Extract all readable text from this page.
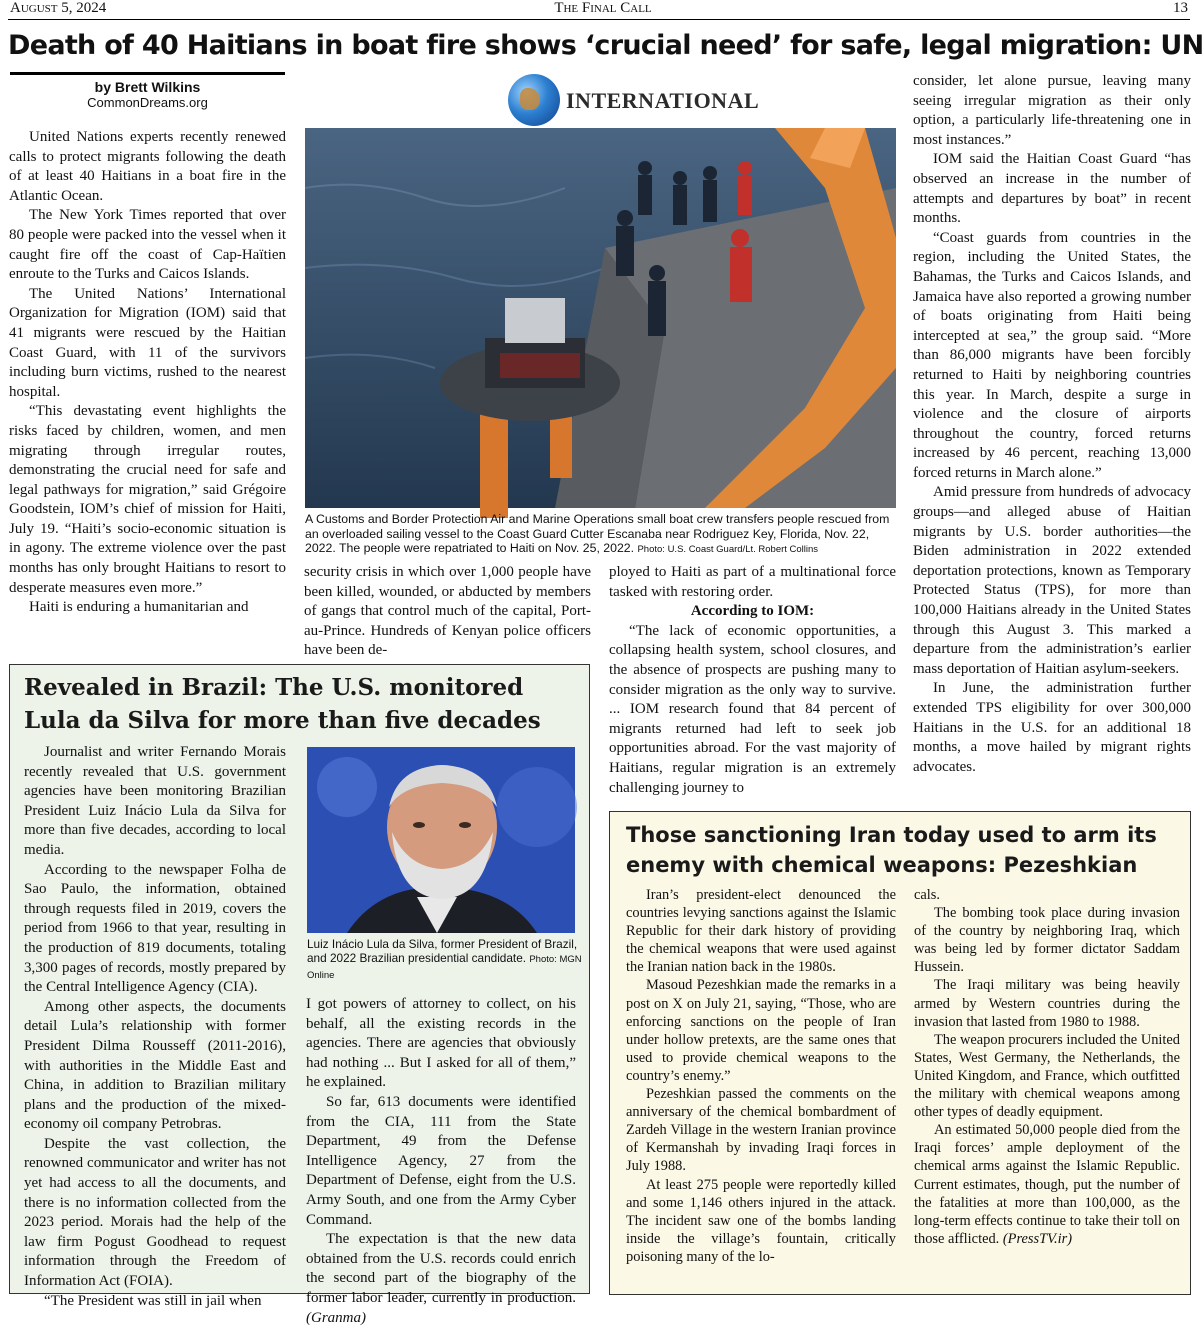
August 5, 2024	The Final Call	13
Death of 40 Haitians in boat fire shows ‘crucial need’ for safe, legal migration: UN
by Brett Wilkins
CommonDreams.org

United Nations experts recently renewed calls to protect migrants following the death of at least 40 Haitians in a boat fire in the Atlantic Ocean.

The New York Times reported that over 80 people were packed into the vessel when it caught fire off the coast of Cap-Haïtien enroute to the Turks and Caicos Islands.

The United Nations’ International Organization for Migration (IOM) said that 41 migrants were rescued by the Haitian Coast Guard, with 11 of the survivors including burn victims, rushed to the nearest hospital.

“This devastating event highlights the risks faced by children, women, and men migrating through irregular routes, demonstrating the crucial need for safe and legal pathways for migration,” said Grégoire Goodstein, IOM’s chief of mission for Haiti, July 19. “Haiti’s socio-economic situation is in agony. The extreme violence over the past months has only brought Haitians to resort to desperate measures even more.”

Haiti is enduring a humanitarian and

INTERNATIONAL
A Customs and Border Protection Air and Marine Operations small boat crew transfers people rescued from an overloaded sailing vessel to the Coast Guard Cutter Escanaba near Rodriguez Key, Florida, Nov. 22, 2022. The people were repatriated to Haiti on Nov. 25, 2022. Photo: U.S. Coast Guard/Lt. Robert Collins

security crisis in which over 1,000 people have been killed, wounded, or abducted by members of gangs that control much of the capital, Port-au-Prince. Hundreds of Kenyan police officers have been de-

ployed to Haiti as part of a multinational force tasked with restoring order.

According to IOM:

“The lack of economic opportunities, a collapsing health system, school closures, and the absence of prospects are pushing many to consider migration as the only way to survive. ... IOM research found that 84 percent of migrants returned had left to seek job opportunities abroad. For the vast majority of Haitians, regular migration is an extremely challenging journey to

consider, let alone pursue, leaving many seeing irregular migration as their only option, a particularly life-threatening one in most instances.”

IOM said the Haitian Coast Guard “has observed an increase in the number of attempts and departures by boat” in recent months.

“Coast guards from countries in the region, including the United States, the Bahamas, the Turks and Caicos Islands, and Jamaica have also reported a growing number of boats originating from Haiti being intercepted at sea,” the group said. “More than 86,000 migrants have been forcibly returned to Haiti by neighboring countries this year. In March, despite a surge in violence and the closure of airports throughout the country, forced returns increased by 46 percent, reaching 13,000 forced returns in March alone.”

Amid pressure from hundreds of advocacy groups—and alleged abuse of Haitian migrants by U.S. border authorities—the Biden administration in 2022 extended deportation protections, known as Temporary Protected Status (TPS), for more than 100,000 Haitians already in the United States through this August 3. This marked a departure from the administration’s earlier mass deportation of Haitian asylum-seekers.

In June, the administration further extended TPS eligibility for over 300,000 Haitians in the U.S. for an additional 18 months, a move hailed by migrant rights advocates.

Revealed in Brazil: The U.S. monitored Lula da Silva for more than five decades

Journalist and writer Fernando Morais recently revealed that U.S. government agencies have been monitoring Brazilian President Luiz Inácio Lula da Silva for more than five decades, according to local media.

According to the newspaper Folha de Sao Paulo, the information, obtained through requests filed in 2019, covers the period from 1966 to that year, resulting in the production of 819 documents, totaling 3,300 pages of records, mostly prepared by the Central Intelligence Agency (CIA).

Among other aspects, the documents detail Lula’s relationship with former President Dilma Rousseff (2011-2016), with authorities in the Middle East and China, in addition to Brazilian military plans and the production of the mixed-economy oil company Petrobras.

Despite the vast collection, the renowned communicator and writer has not yet had access to all the documents, and there is no information collected from the 2023 period. Morais had the help of the law firm Pogust Goodhead to request information through the Freedom of Information Act (FOIA).

“The President was still in jail when

Luiz Inácio Lula da Silva, former President of Brazil, and 2022 Brazilian presidential candidate. Photo: MGN Online

I got powers of attorney to collect, on his behalf, all the existing records in the agencies. There are agencies that obviously had nothing ... But I asked for all of them,” he explained.

So far, 613 documents were identified from the CIA, 111 from the State Department, 49 from the Defense Intelligence Agency, 27 from the Department of Defense, eight from the U.S. Army South, and one from the Army Cyber Command.

The expectation is that the new data obtained from the U.S. records could enrich the second part of the biography of the former labor leader, currently in production. (Granma)

Those sanctioning Iran today used to arm its enemy with chemical weapons: Pezeshkian

Iran’s president-elect denounced the countries levying sanctions against the Islamic Republic for their dark history of providing the chemical weapons that were used against the Iranian nation back in the 1980s.

Masoud Pezeshkian made the remarks in a post on X on July 21, saying, “Those, who are enforcing sanctions on the people of Iran under hollow pretexts, are the same ones that used to provide chemical weapons to the country’s enemy.”

Pezeshkian passed the comments on the anniversary of the chemical bombardment of Zardeh Village in the western Iranian province of Kermanshah by invading Iraqi forces in July 1988.

At least 275 people were reportedly killed and some 1,146 others injured in the attack. The incident saw one of the bombs landing inside the village’s fountain, critically poisoning many of the lo-

cals.

The bombing took place during invasion of the country by neighboring Iraq, which was being led by former dictator Saddam Hussein.

The Iraqi military was being heavily armed by Western countries during the invasion that lasted from 1980 to 1988.

The weapon procurers included the United States, West Germany, the Netherlands, the United Kingdom, and France, which outfitted the military with chemical weapons among other types of deadly equipment.

An estimated 50,000 people died from the Iraqi forces’ ample deployment of the chemical arms against the Islamic Republic. Current estimates, though, put the number of the fatalities at more than 100,000, as the long-term effects continue to take their toll on those afflicted. (PressTV.ir)
